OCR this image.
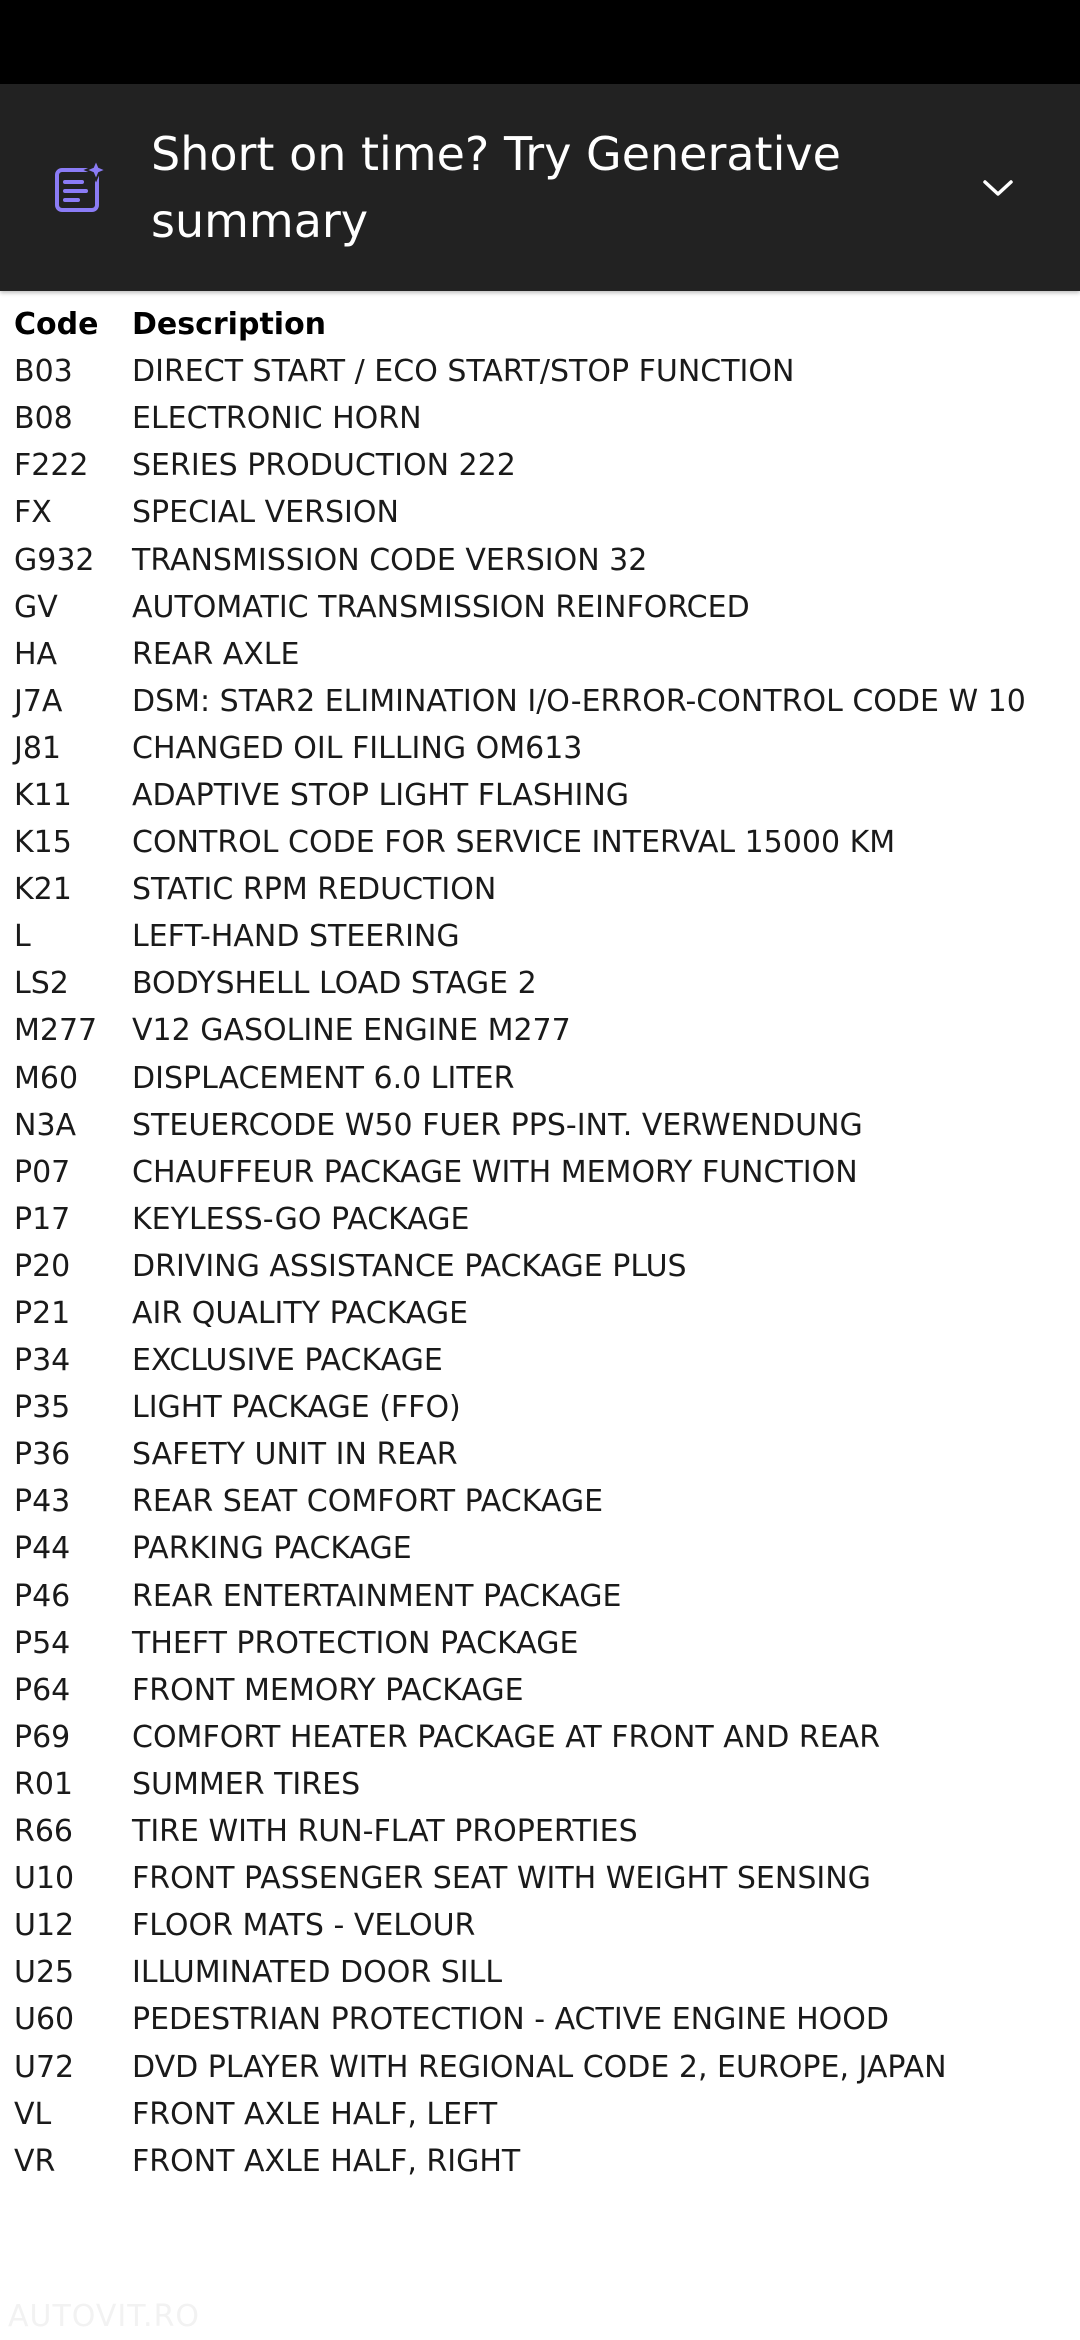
Short on time? Try Generative summary
Code	Description
B03	DIRECT START / ECO START/STOP FUNCTION
B08	ELECTRONIC HORN
F222	SERIES PRODUCTION 222
FX	SPECIAL VERSION
G932	TRANSMISSION CODE VERSION 32
GV	AUTOMATIC TRANSMISSION REINFORCED
HA	REAR AXLE
J7A	DSM: STAR2 ELIMINATION I/O-ERROR-CONTROL CODE W 10
J81	CHANGED OIL FILLING OM613
K11	ADAPTIVE STOP LIGHT FLASHING
K15	CONTROL CODE FOR SERVICE INTERVAL 15000 KM
K21	STATIC RPM REDUCTION
L	LEFT-HAND STEERING
LS2	BODYSHELL LOAD STAGE 2
M277	V12 GASOLINE ENGINE M277
M60	DISPLACEMENT 6.0 LITER
N3A	STEUERCODE W50 FUER PPS-INT. VERWENDUNG
P07	CHAUFFEUR PACKAGE WITH MEMORY FUNCTION
P17	KEYLESS-GO PACKAGE
P20	DRIVING ASSISTANCE PACKAGE PLUS
P21	AIR QUALITY PACKAGE
P34	EXCLUSIVE PACKAGE
P35	LIGHT PACKAGE (FFO)
P36	SAFETY UNIT IN REAR
P43	REAR SEAT COMFORT PACKAGE
P44	PARKING PACKAGE
P46	REAR ENTERTAINMENT PACKAGE
P54	THEFT PROTECTION PACKAGE
P64	FRONT MEMORY PACKAGE
P69	COMFORT HEATER PACKAGE AT FRONT AND REAR
R01	SUMMER TIRES
R66	TIRE WITH RUN-FLAT PROPERTIES
U10	FRONT PASSENGER SEAT WITH WEIGHT SENSING
U12	FLOOR MATS - VELOUR
U25	ILLUMINATED DOOR SILL
U60	PEDESTRIAN PROTECTION - ACTIVE ENGINE HOOD
U72	DVD PLAYER WITH REGIONAL CODE 2, EUROPE, JAPAN
VL	FRONT AXLE HALF, LEFT
VR	FRONT AXLE HALF, RIGHT
AUTOVIT.RO
